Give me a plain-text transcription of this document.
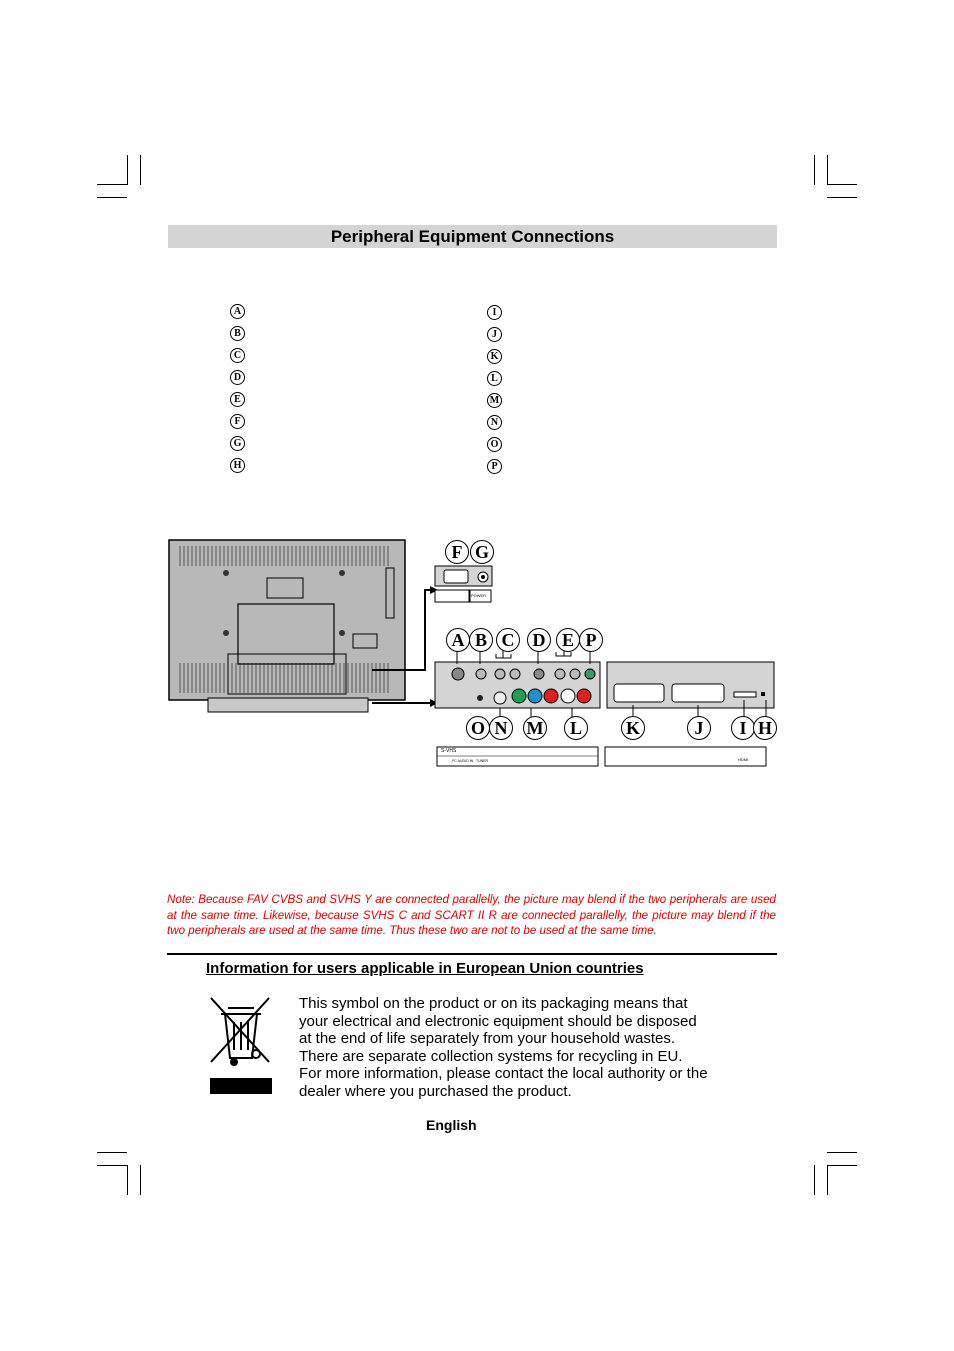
Peripheral Equipment Connections
A
B
C
D
E
F
G
H
I
J
K
L
M
N
O
P
POWER
S-VHS
PC AUDIO IN TUNER	HDMI
F G
A B C	D E P
O N	M	L	K	J	I H
Note: Because FAV CVBS and SVHS Y are connected parallelly, the picture may blend if the two peripherals are used at the same time. Likewise, because SVHS C and SCART II R are connected parallelly, the picture may blend if the two peripherals are used at the same time. Thus these two are not to be used at the same time.
Information for users applicable in European Union countries
This symbol on the product or on its packaging means that
your electrical and electronic equipment should be disposed
at the end of life separately from your household wastes.
There are separate collection systems for recycling in EU.
For more information, please contact the local authority or the
dealer where you purchased the product.
English
